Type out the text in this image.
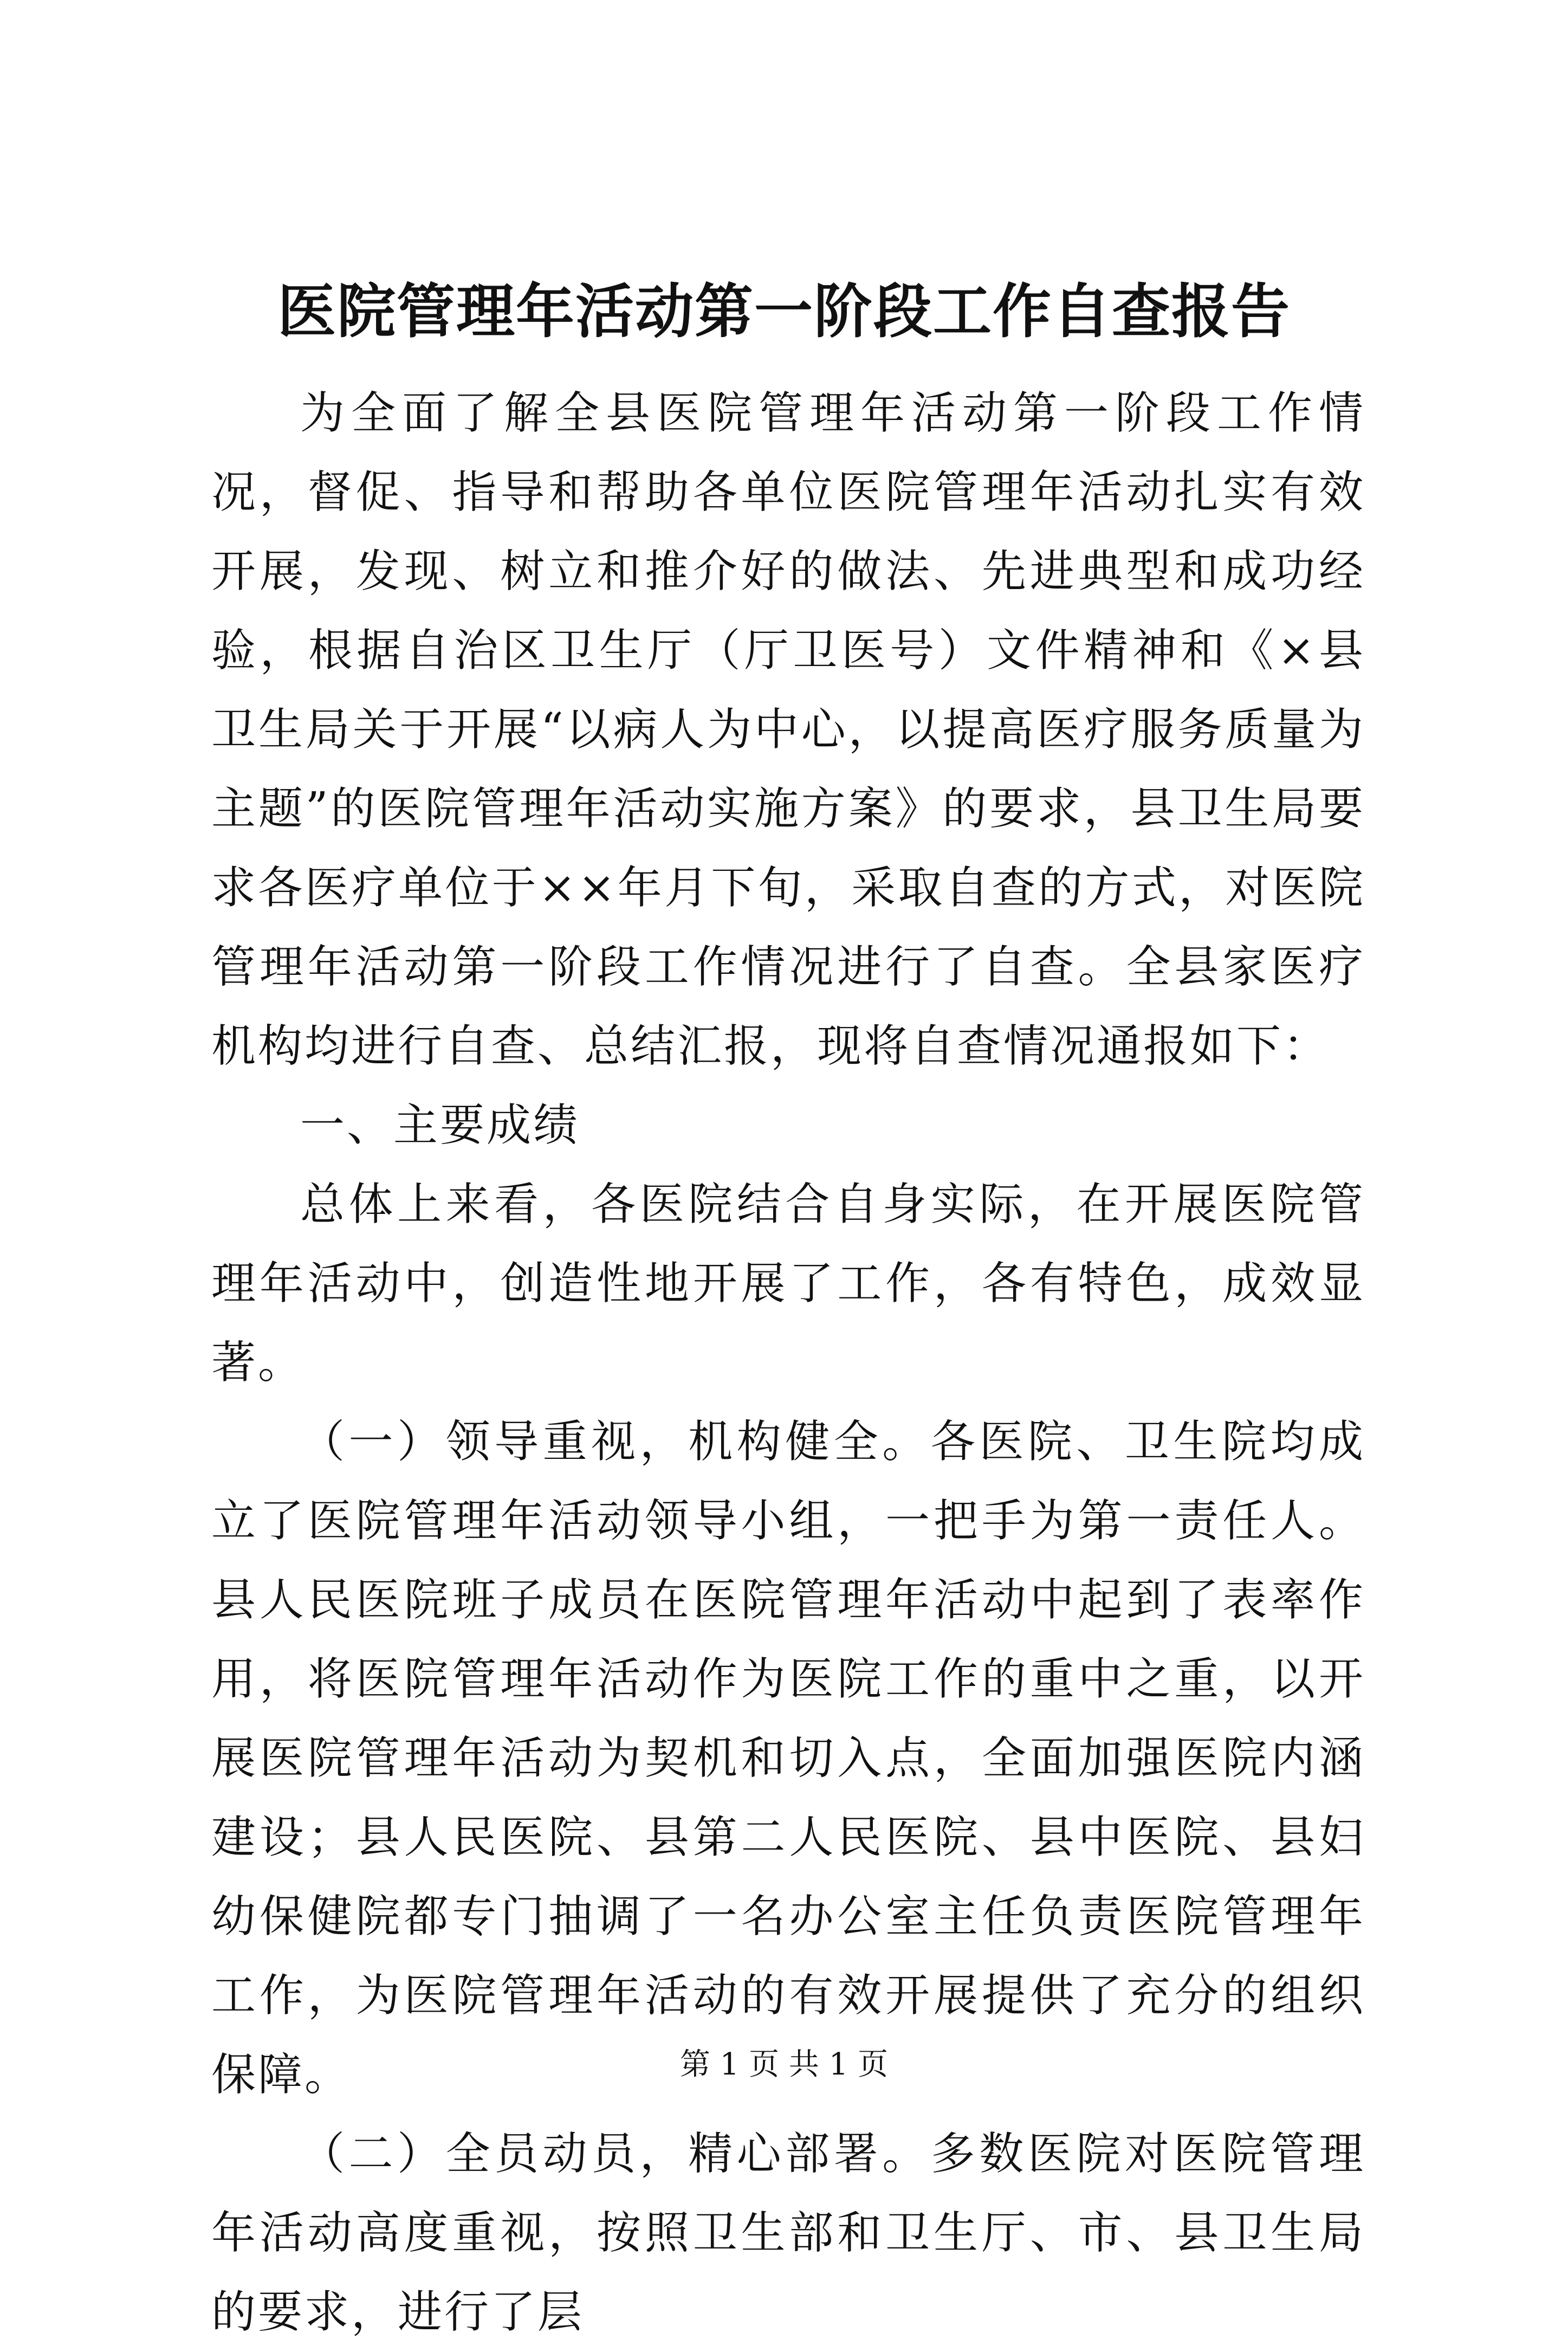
医院管理年活动第一阶段工作自查报告

为全面了解全县医院管理年活动第一阶段工作情况，督促、指导和帮助各单位医院管理年活动扎实有效开展，发现、树立和推介好的做法、先进典型和成功经验，根据自治区卫生厅（厅卫医号）文件精神和《×县卫生局关于开展“以病人为中心，以提高医疗服务质量为主题”的医院管理年活动实施方案》的要求，县卫生局要求各医疗单位于××年月下旬，采取自查的方式，对医院管理年活动第一阶段工作情况进行了自查。全县家医疗机构均进行自查、总结汇报，现将自查情况通报如下：

一、主要成绩

总体上来看，各医院结合自身实际，在开展医院管理年活动中，创造性地开展了工作，各有特色，成效显著。

（一）领导重视，机构健全。各医院、卫生院均成立了医院管理年活动领导小组，一把手为第一责任人。县人民医院班子成员在医院管理年活动中起到了表率作用，将医院管理年活动作为医院工作的重中之重，以开展医院管理年活动为契机和切入点，全面加强医院内涵建设；县人民医院、县第二人民医院、县中医院、县妇幼保健院都专门抽调了一名办公室主任负责医院管理年工作，为医院管理年活动的有效开展提供了充分的组织保障。

（二）全员动员，精心部署。多数医院对医院管理年活动高度重视，按照卫生部和卫生厅、市、县卫生局的要求，进行了层

第 1 页 共 1 页
